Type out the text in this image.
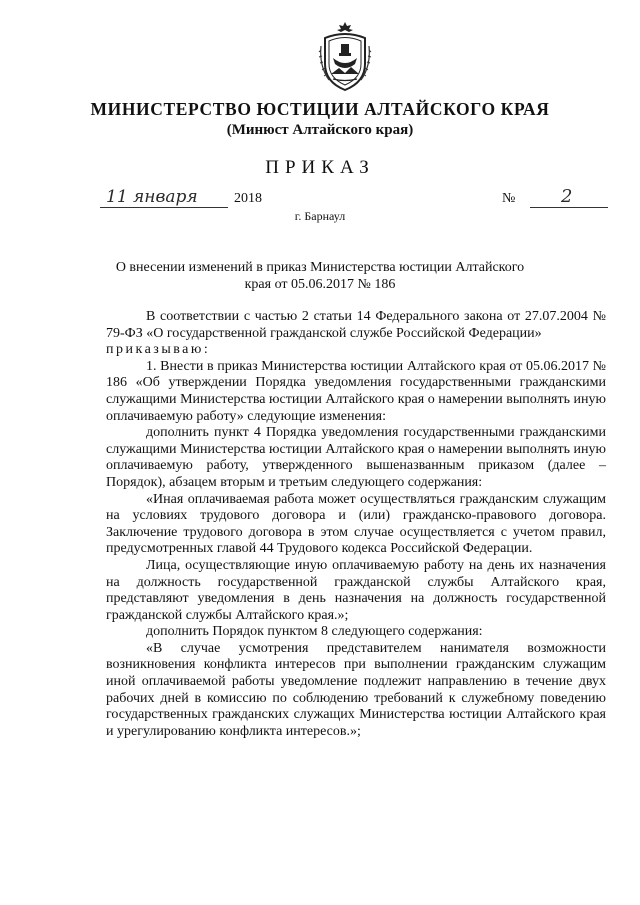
МИНИСТЕРСТВО ЮСТИЦИИ АЛТАЙСКОГО КРАЯ
(Минюст Алтайского края)
ПРИКАЗ
11 января	2018	№	2
г. Барнаул
О внесении изменений в приказ Министерства юстиции Алтайского края от 05.06.2017 № 186

В соответствии с частью 2 статьи 14 Федерального закона от 27.07.2004 № 79-ФЗ «О государственной гражданской службе Российской Федерации»

приказываю:

1. Внести в приказ Министерства юстиции Алтайского края от 05.06.2017 № 186 «Об утверждении Порядка уведомления государственными гражданскими служащими Министерства юстиции Алтайского края о намерении выполнять иную оплачиваемую работу» следующие изменения:

дополнить пункт 4 Порядка уведомления государственными гражданскими служащими Министерства юстиции Алтайского края о намерении выполнять иную оплачиваемую работу, утвержденного вышеназванным приказом (далее – Порядок), абзацем вторым и третьим следующего содержания:

«Иная оплачиваемая работа может осуществляться гражданским служащим на условиях трудового договора и (или) гражданско-правового договора. Заключение трудового договора в этом случае осуществляется с учетом правил, предусмотренных главой 44 Трудового кодекса Российской Федерации.

Лица, осуществляющие иную оплачиваемую работу на день их назначения на должность государственной гражданской службы Алтайского края, представляют уведомления в день назначения на должность государственной гражданской службы Алтайского края.»;

дополнить Порядок пунктом 8 следующего содержания:

«В случае усмотрения представителем нанимателя возможности возникновения конфликта интересов при выполнении гражданским служащим иной оплачиваемой работы уведомление подлежит направлению в течение двух рабочих дней в комиссию по соблюдению требований к служебному поведению государственных гражданских служащих Министерства юстиции Алтайского края и урегулированию конфликта интересов.»;
